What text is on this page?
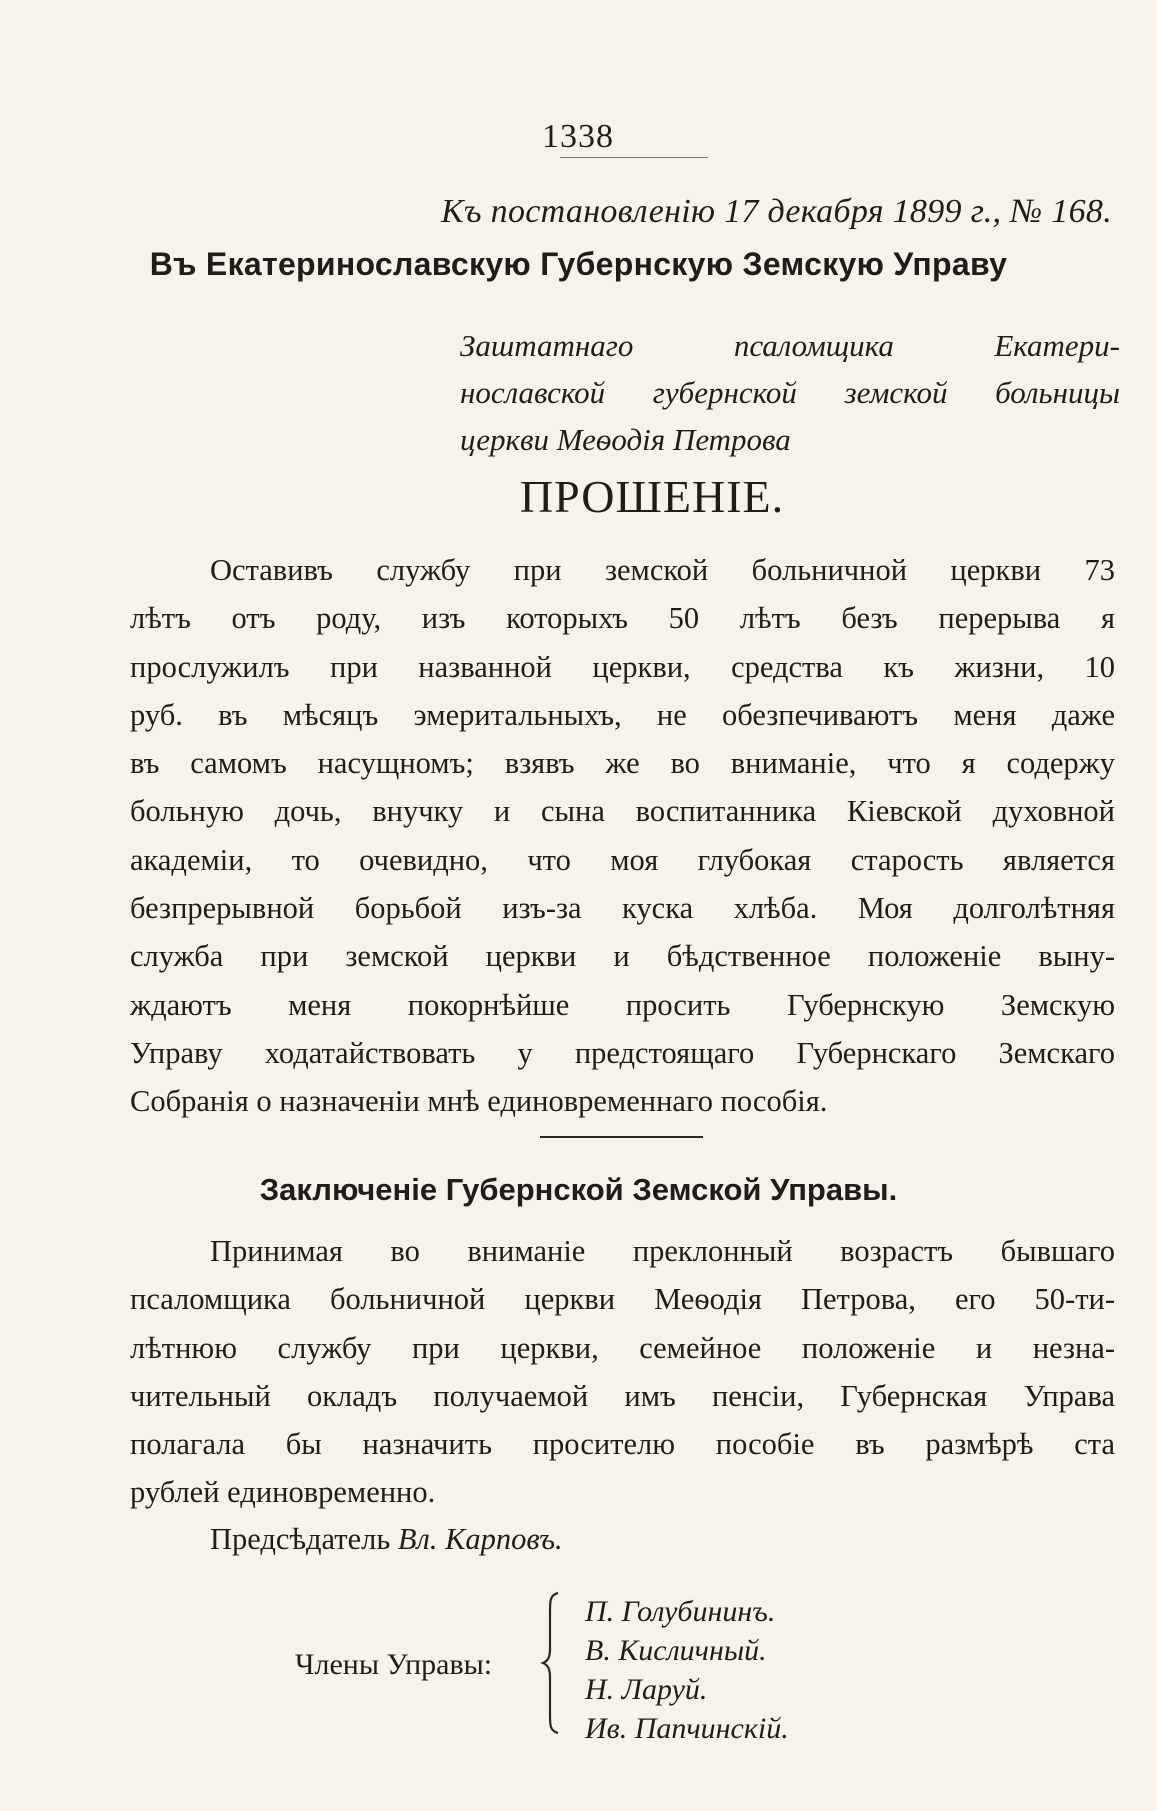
1338
Къ постановленію 17 декабря 1899 г., № 168.
Въ Екатеринославскую Губернскую Земскую Управу
Заштатнаго псаломщика Екатери-
нославской губернской земской больницы
церкви Меѳодія Петрова
ПРОШЕНІЕ.
Оставивъ службу при земской больничной церкви 73
лѣтъ отъ роду, изъ которыхъ 50 лѣтъ безъ перерыва я
прослужилъ при названной церкви, средства къ жизни, 10
руб. въ мѣсяцъ эмеритальныхъ, не обезпечиваютъ меня даже
въ самомъ насущномъ; взявъ же во вниманіе, что я содержу
больную дочь, внучку и сына воспитанника Кіевской духовной
академіи, то очевидно, что моя глубокая старость является
безпрерывной борьбой изъ-за куска хлѣба. Моя долголѣтняя
служба при земской церкви и бѣдственное положеніе выну-
ждаютъ меня покорнѣйше просить Губернскую Земскую
Управу ходатайствовать у предстоящаго Губернскаго Земскаго
Собранія о назначеніи мнѣ единовременнаго пособія.
Заключеніе Губернской Земской Управы.
Принимая во вниманіе преклонный возрастъ бывшаго
псаломщика больничной церкви Меѳодія Петрова, его 50-ти-
лѣтнюю службу при церкви, семейное положеніе и незна-
чительный окладъ получаемой имъ пенсіи, Губернская Управа
полагала бы назначить просителю пособіе въ размѣрѣ ста
рублей единовременно.
Предсѣдатель Вл. Карповъ.
Члены Управы:
П. Голубининъ.
В. Кисличный.
Н. Ларуй.
Ив. Папчинскій.
